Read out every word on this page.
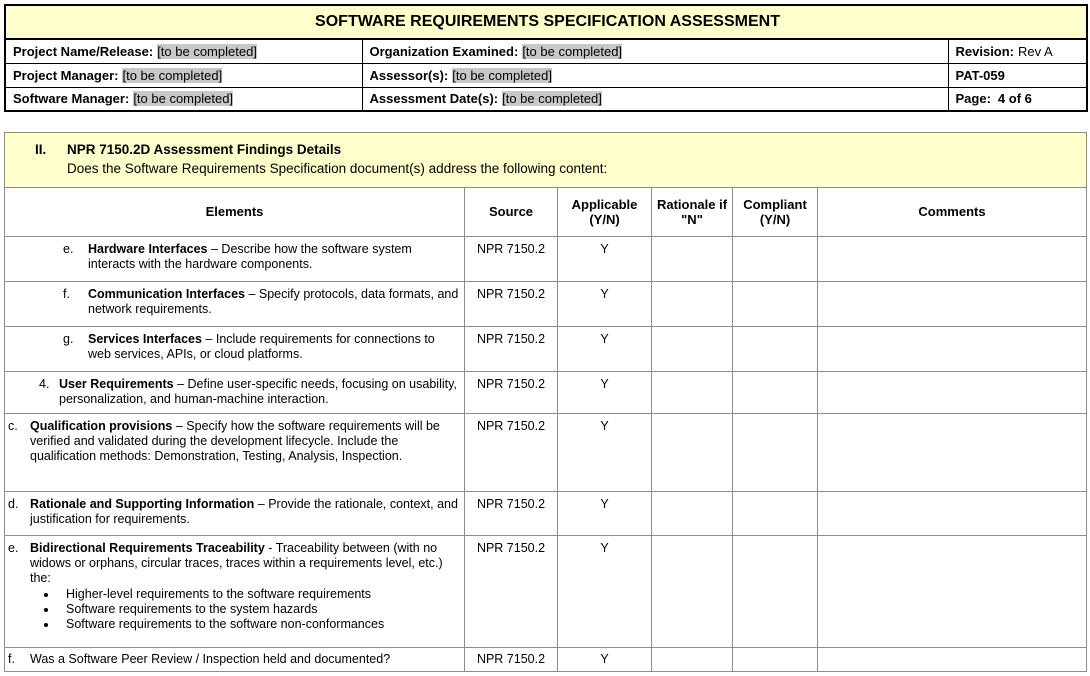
SOFTWARE REQUIREMENTS SPECIFICATION ASSESSMENT		
Project Name/Release: [to be completed]	Organization Examined: [to be completed]	Revision: Rev A
Project Manager: [to be completed]	Assessor(s): [to be completed]	PAT-059
Software Manager: [to be completed]	Assessment Date(s): [to be completed]	Page: 4 of 6
II. NPR 7150.2D Assessment Findings Details
Does the Software Requirements Specification document(s) address the following content:					

Elements	Source	Applicable (Y/N)	Rationale if "N"	Compliant (Y/N)	Comments

e. Hardware Interfaces – Describe how the software system interacts with the hardware components.	NPR 7150.2	Y			

f. Communication Interfaces – Specify protocols, data formats, and network requirements.	NPR 7150.2	Y			

g. Services Interfaces – Include requirements for connections to web services, APIs, or cloud platforms.	NPR 7150.2	Y			

4. User Requirements – Define user-specific needs, focusing on usability, personalization, and human-machine interaction.	NPR 7150.2	Y			

c. Qualification provisions – Specify how the software requirements will be verified and validated during the development lifecycle. Include the qualification methods: Demonstration, Testing, Analysis, Inspection.	NPR 7150.2	Y			

d. Rationale and Supporting Information – Provide the rationale, context, and justification for requirements.	NPR 7150.2	Y			

e. Bidirectional Requirements Traceability - Traceability between (with no widows or orphans, circular traces, traces within a requirements level, etc.) the:
• Higher-level requirements to the software requirements
• Software requirements to the system hazards
• Software requirements to the software non-conformances
	NPR 7150.2	Y			

f. Was a Software Peer Review / Inspection held and documented?	NPR 7150.2	Y			
